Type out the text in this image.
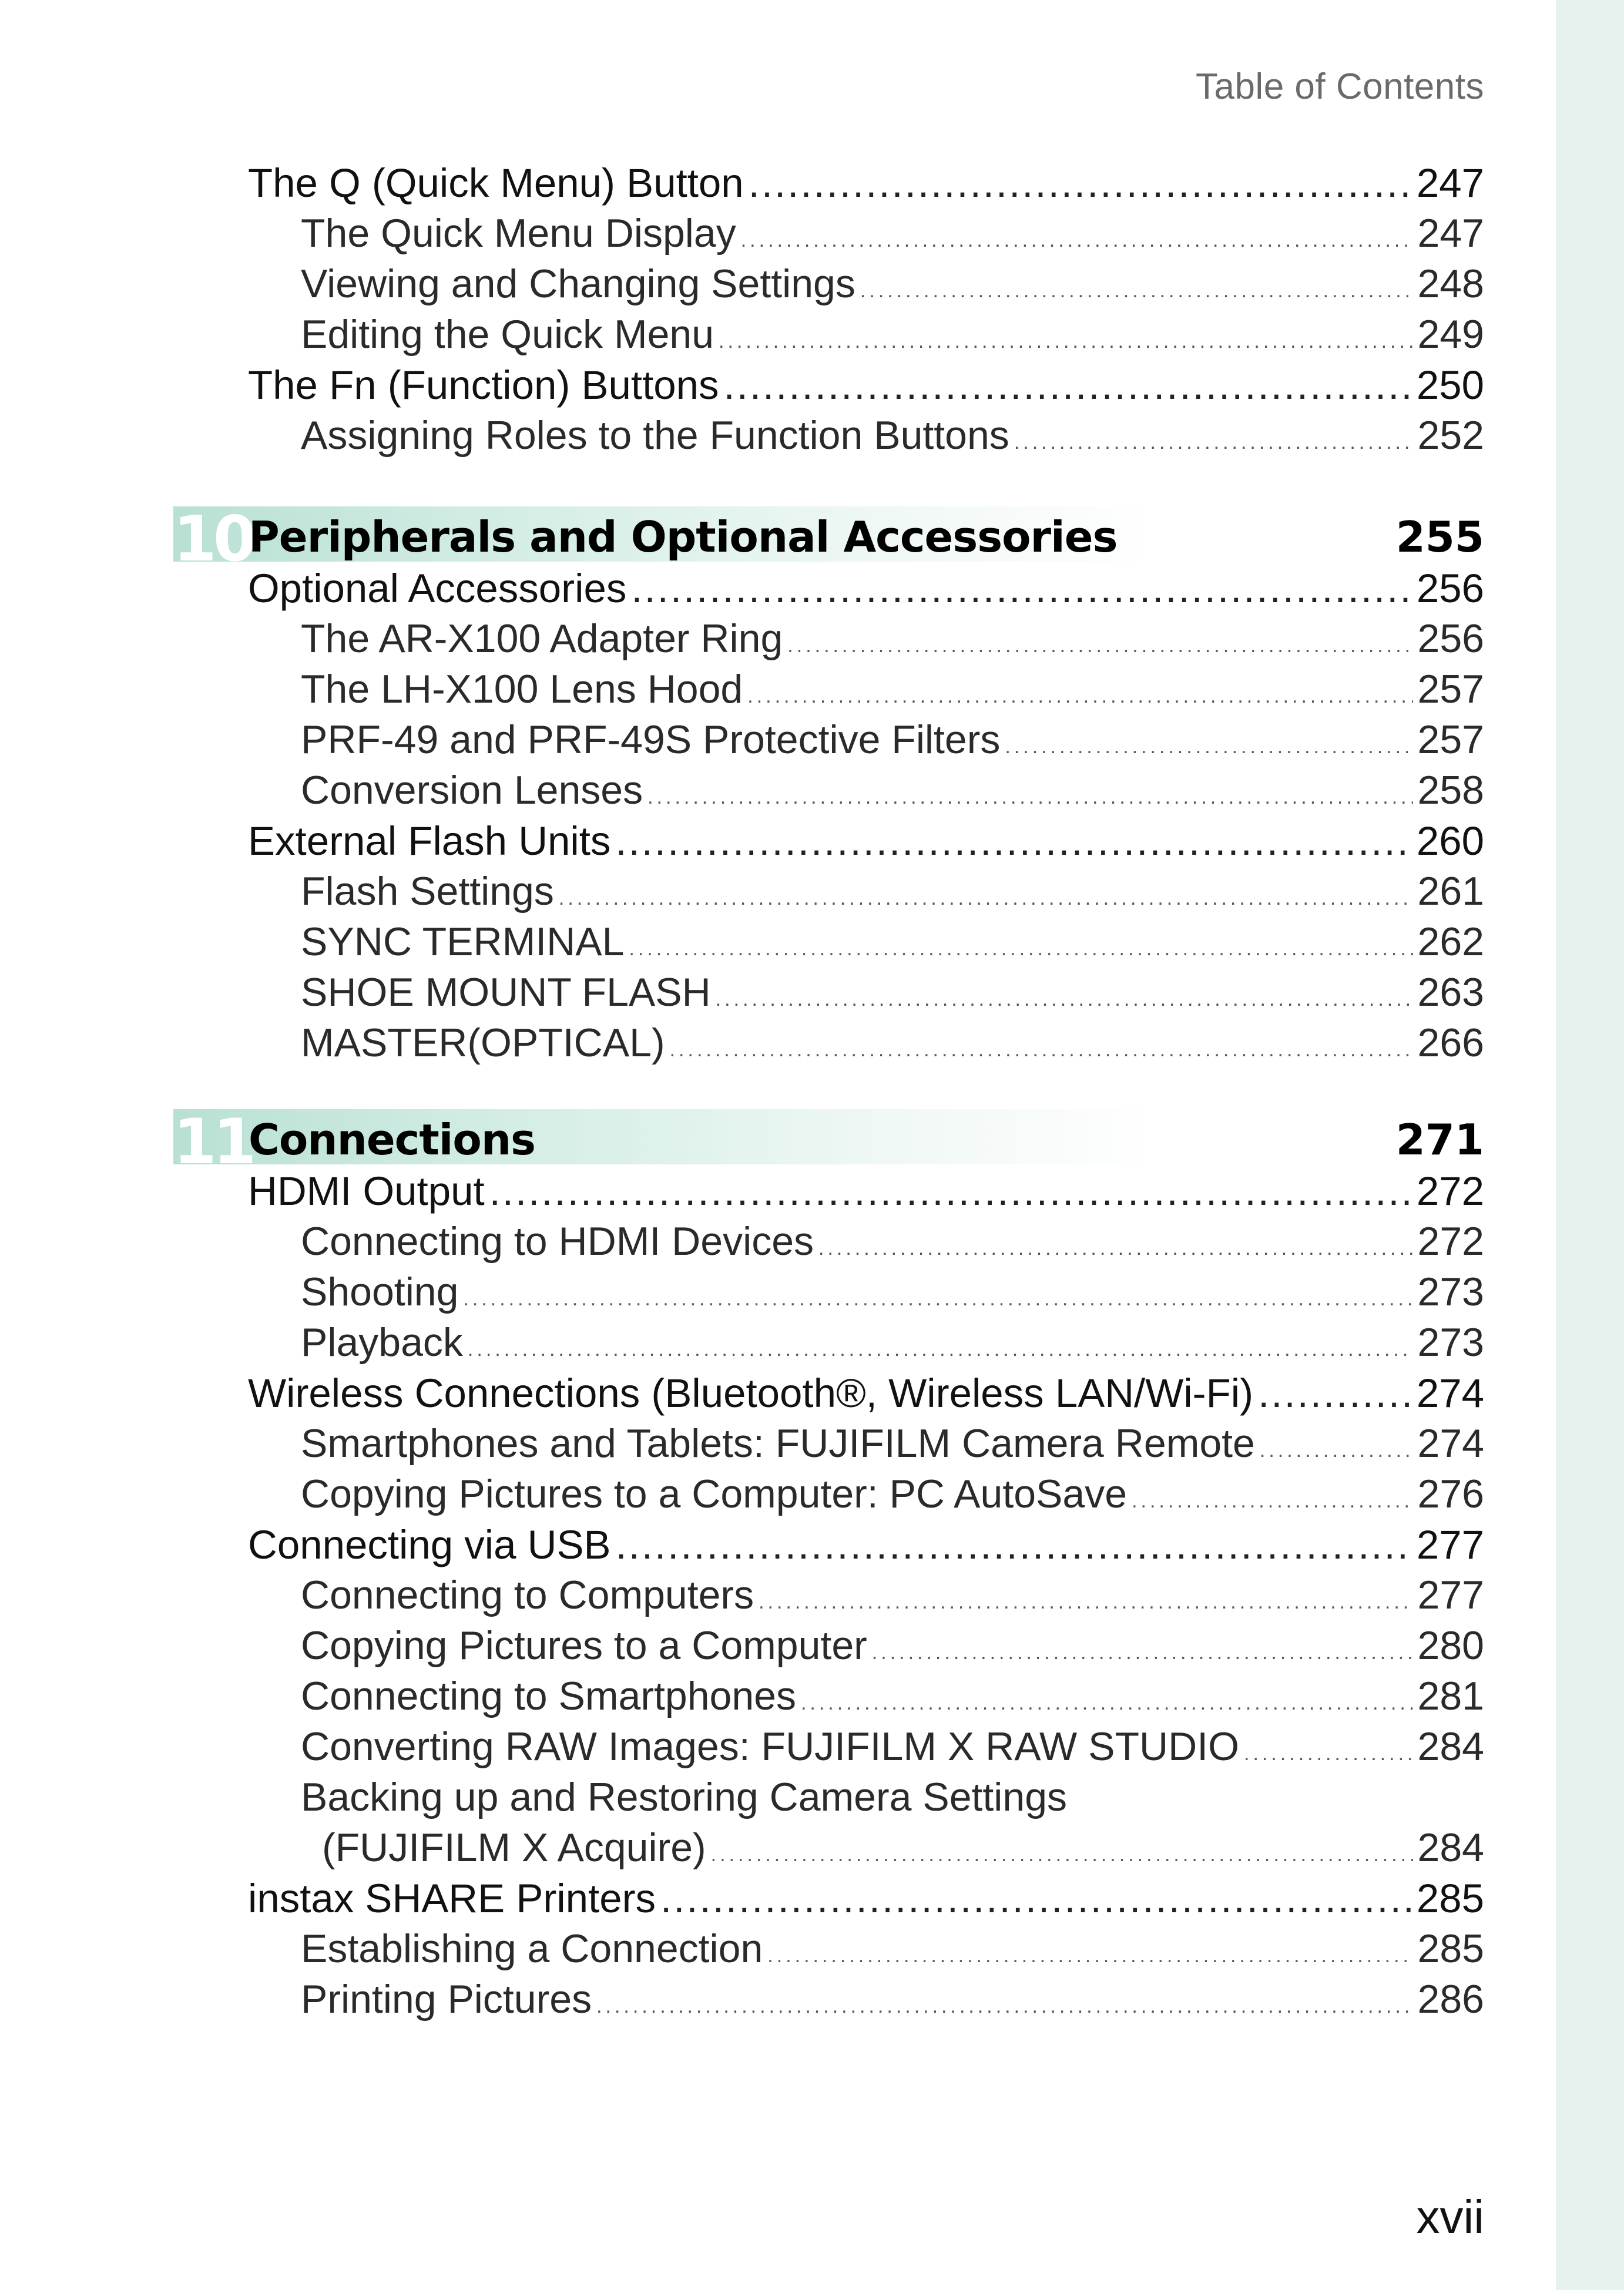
Table of Contents
The Q (Quick Menu) Button .....	247
The Quick Menu Display .....	247
Viewing and Changing Settings .....	248
Editing the Quick Menu .....	249
The Fn (Function) Buttons .....	250
Assigning Roles to the Function Buttons .....	252
10
Peripherals and Optional Accessories	255
Optional Accessories .....	256
The AR-X100 Adapter Ring .....	256
The LH-X100 Lens Hood .....	257
PRF-49 and PRF-49S Protective Filters .....	257
Conversion Lenses .....	258
External Flash Units .....	260
Flash Settings .....	261
SYNC TERMINAL .....	262
SHOE MOUNT FLASH .....	263
MASTER(OPTICAL) .....	266
11
Connections	271
HDMI Output .....	272
Connecting to HDMI Devices .....	272
Shooting .....	273
Playback .....	273
Wireless Connections (Bluetooth®, Wireless LAN/Wi-Fi) .....	274
Smartphones and Tablets: FUJIFILM Camera Remote .....	274
Copying Pictures to a Computer: PC AutoSave .....	276
Connecting via USB .....	277
Connecting to Computers .....	277
Copying Pictures to a Computer .....	280
Connecting to Smartphones .....	281
Converting RAW Images: FUJIFILM X RAW STUDIO .....	284
Backing up and Restoring Camera Settings
(FUJIFILM X Acquire) .....	284
instax SHARE Printers .....	285
Establishing a Connection .....	285
Printing Pictures .....	286
xvii
